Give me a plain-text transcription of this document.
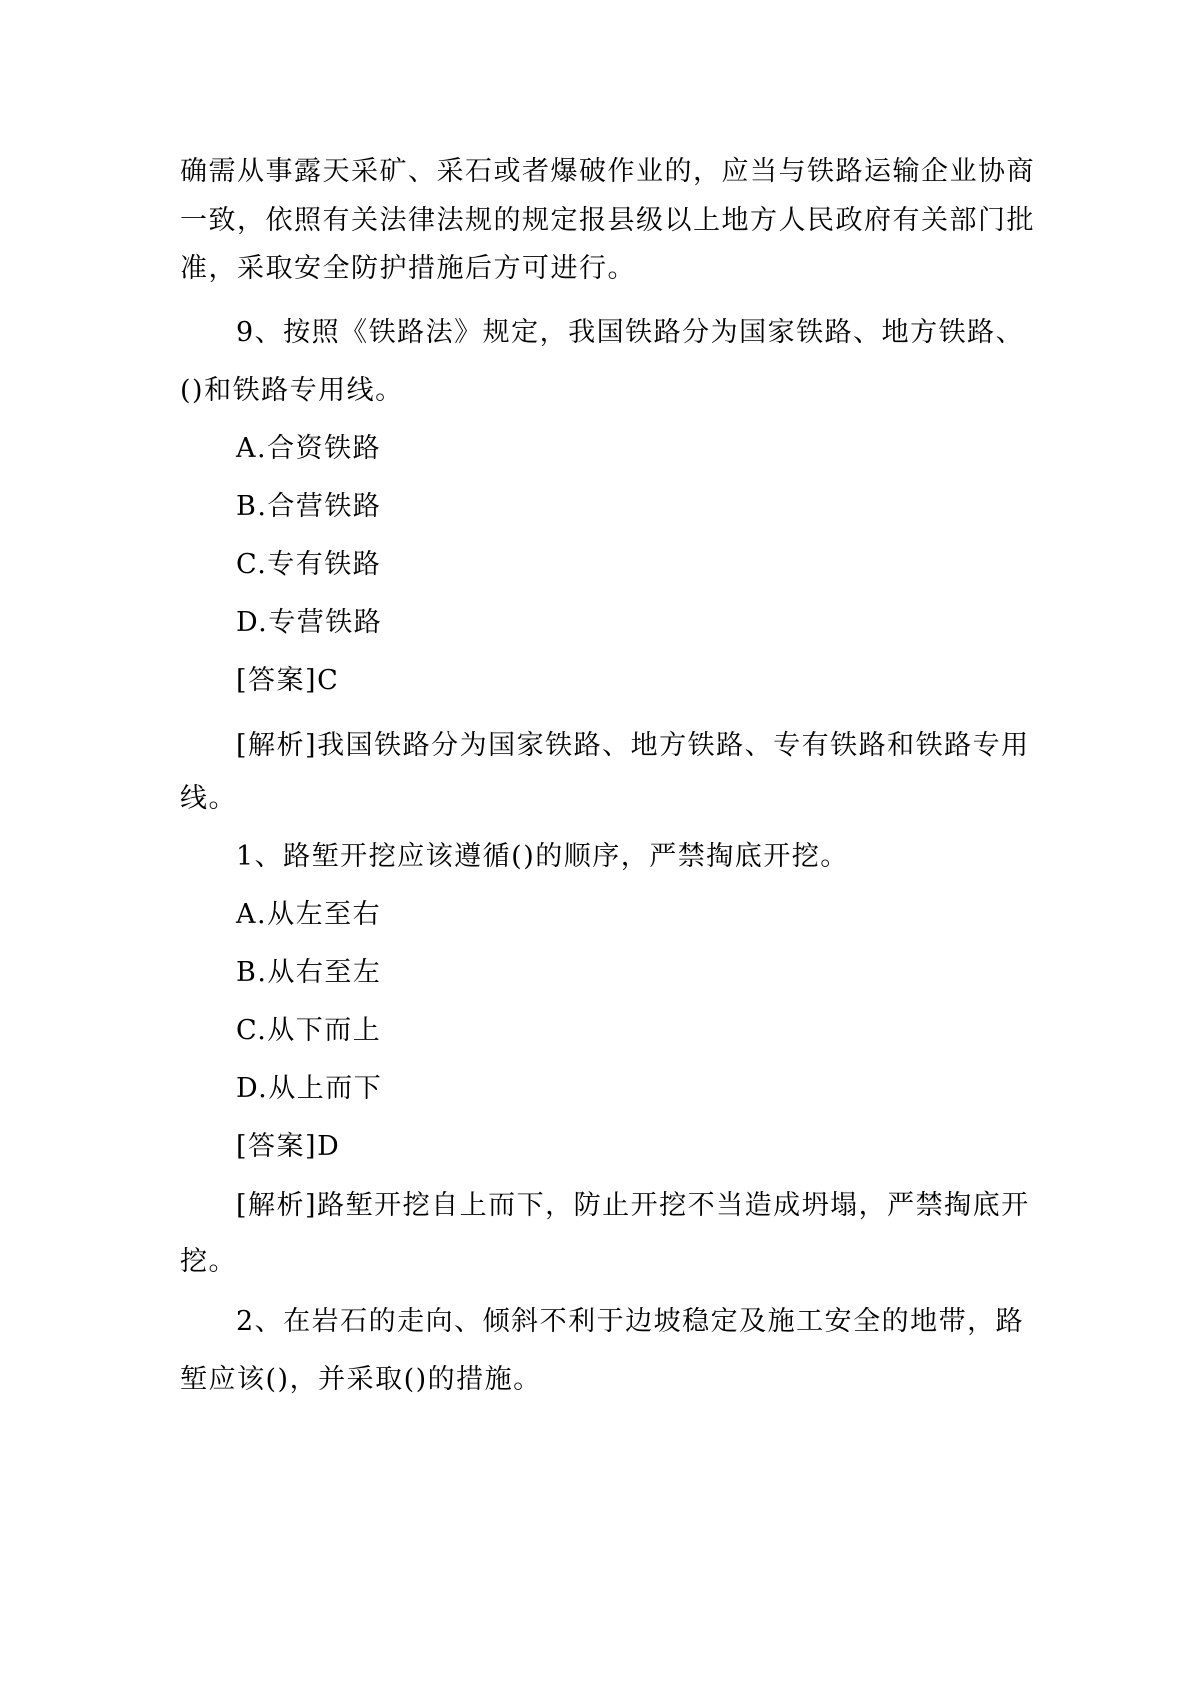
确需从事露天采矿、采石或者爆破作业的，应当与铁路运输企业协商
一致，依照有关法律法规的规定报县级以上地方人民政府有关部门批
准，采取安全防护措施后方可进行。
9、按照《铁路法》规定，我国铁路分为国家铁路、地方铁路、
()和铁路专用线。
A.合资铁路
B.合营铁路
C.专有铁路
D.专营铁路
[答案]C
[解析]我国铁路分为国家铁路、地方铁路、专有铁路和铁路专用
线。
1、路堑开挖应该遵循()的顺序，严禁掏底开挖。
A.从左至右
B.从右至左
C.从下而上
D.从上而下
[答案]D
[解析]路堑开挖自上而下，防止开挖不当造成坍塌，严禁掏底开
挖。
2、在岩石的走向、倾斜不利于边坡稳定及施工安全的地带，路
堑应该()，并采取()的措施。
